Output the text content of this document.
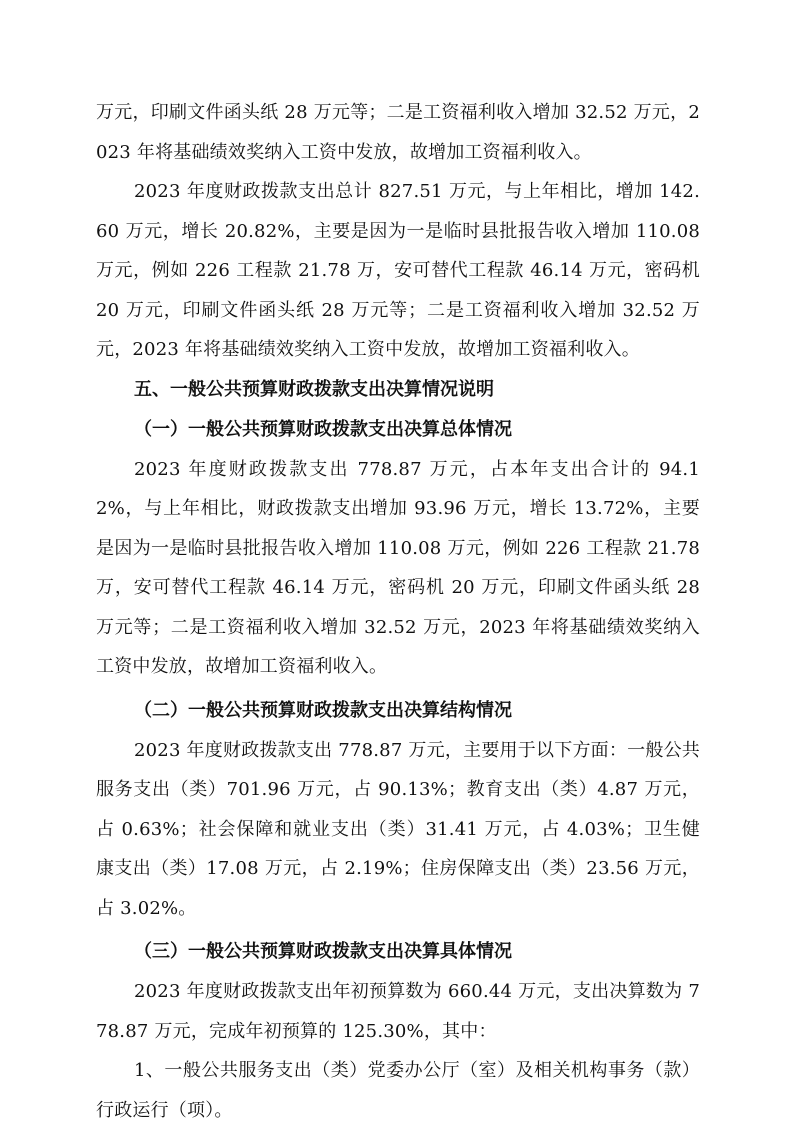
万元，印刷文件函头纸 28 万元等；二是工资福利收入增加 32.52 万元，2023 年将基础绩效奖纳入工资中发放，故增加工资福利收入。

2023 年度财政拨款支出总计 827.51 万元，与上年相比，增加 142.60 万元，增长 20.82%，主要是因为一是临时县批报告收入增加 110.08 万元，例如 226 工程款 21.78 万，安可替代工程款 46.14 万元，密码机 20 万元，印刷文件函头纸 28 万元等；二是工资福利收入增加 32.52 万元，2023 年将基础绩效奖纳入工资中发放，故增加工资福利收入。

五、一般公共预算财政拨款支出决算情况说明

（一）一般公共预算财政拨款支出决算总体情况

2023 年度财政拨款支出 778.87 万元，占本年支出合计的 94.12%，与上年相比，财政拨款支出增加 93.96 万元，增长 13.72%，主要是因为一是临时县批报告收入增加 110.08 万元，例如 226 工程款 21.78 万，安可替代工程款 46.14 万元，密码机 20 万元，印刷文件函头纸 28 万元等；二是工资福利收入增加 32.52 万元，2023 年将基础绩效奖纳入工资中发放，故增加工资福利收入。

（二）一般公共预算财政拨款支出决算结构情况

2023 年度财政拨款支出 778.87 万元，主要用于以下方面：一般公共服务支出（类）701.96 万元，占 90.13%；教育支出（类）4.87 万元，占 0.63%；社会保障和就业支出（类）31.41 万元，占 4.03%；卫生健康支出（类）17.08 万元，占 2.19%；住房保障支出（类）23.56 万元，占 3.02%。

（三）一般公共预算财政拨款支出决算具体情况

2023 年度财政拨款支出年初预算数为 660.44 万元，支出决算数为 778.87 万元，完成年初预算的 125.30%，其中：

1、一般公共服务支出（类）党委办公厅（室）及相关机构事务（款）行政运行（项）。
